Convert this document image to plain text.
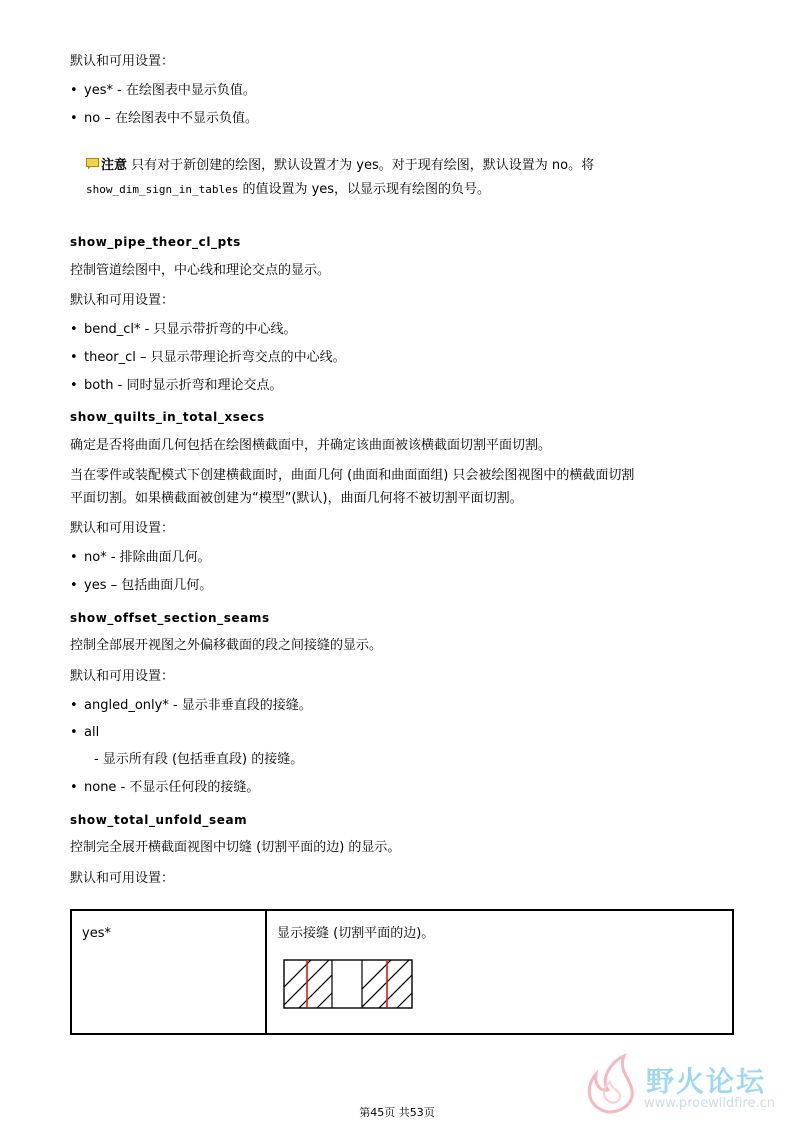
默认和可用设置：

• yes* - 在绘图表中显示负值。
• no – 在绘图表中不显示负值。
注意 只有对于新创建的绘图，默认设置才为 yes。对于现有绘图，默认设置为 no。将
show_dim_sign_in_tables 的值设置为 yes，以显示现有绘图的负号。
show_pipe_theor_cl_pts

控制管道绘图中，中心线和理论交点的显示。

默认和可用设置：

• bend_cl* - 只显示带折弯的中心线。
• theor_cl – 只显示带理论折弯交点的中心线。
• both - 同时显示折弯和理论交点。
show_quilts_in_total_xsecs

确定是否将曲面几何包括在绘图横截面中，并确定该曲面被该横截面切割平面切割。

当在零件或装配模式下创建横截面时，曲面几何 (曲面和曲面面组) 只会被绘图视图中的横截面切割

平面切割。如果横截面被创建为“模型”(默认)，曲面几何将不被切割平面切割。

默认和可用设置：

• no* - 排除曲面几何。
• yes – 包括曲面几何。
show_offset_section_seams

控制全部展开视图之外偏移截面的段之间接缝的显示。

默认和可用设置：

• angled_only* - 显示非垂直段的接缝。
• all
- 显示所有段 (包括垂直段) 的接缝。
• none - 不显示任何段的接缝。
show_total_unfold_seam

控制完全展开横截面视图中切缝 (切割平面的边) 的显示。

默认和可用设置：

yes*	显示接缝 (切割平面的边)。
野火论坛
www.proewildfire.cn
第45页 共53页
